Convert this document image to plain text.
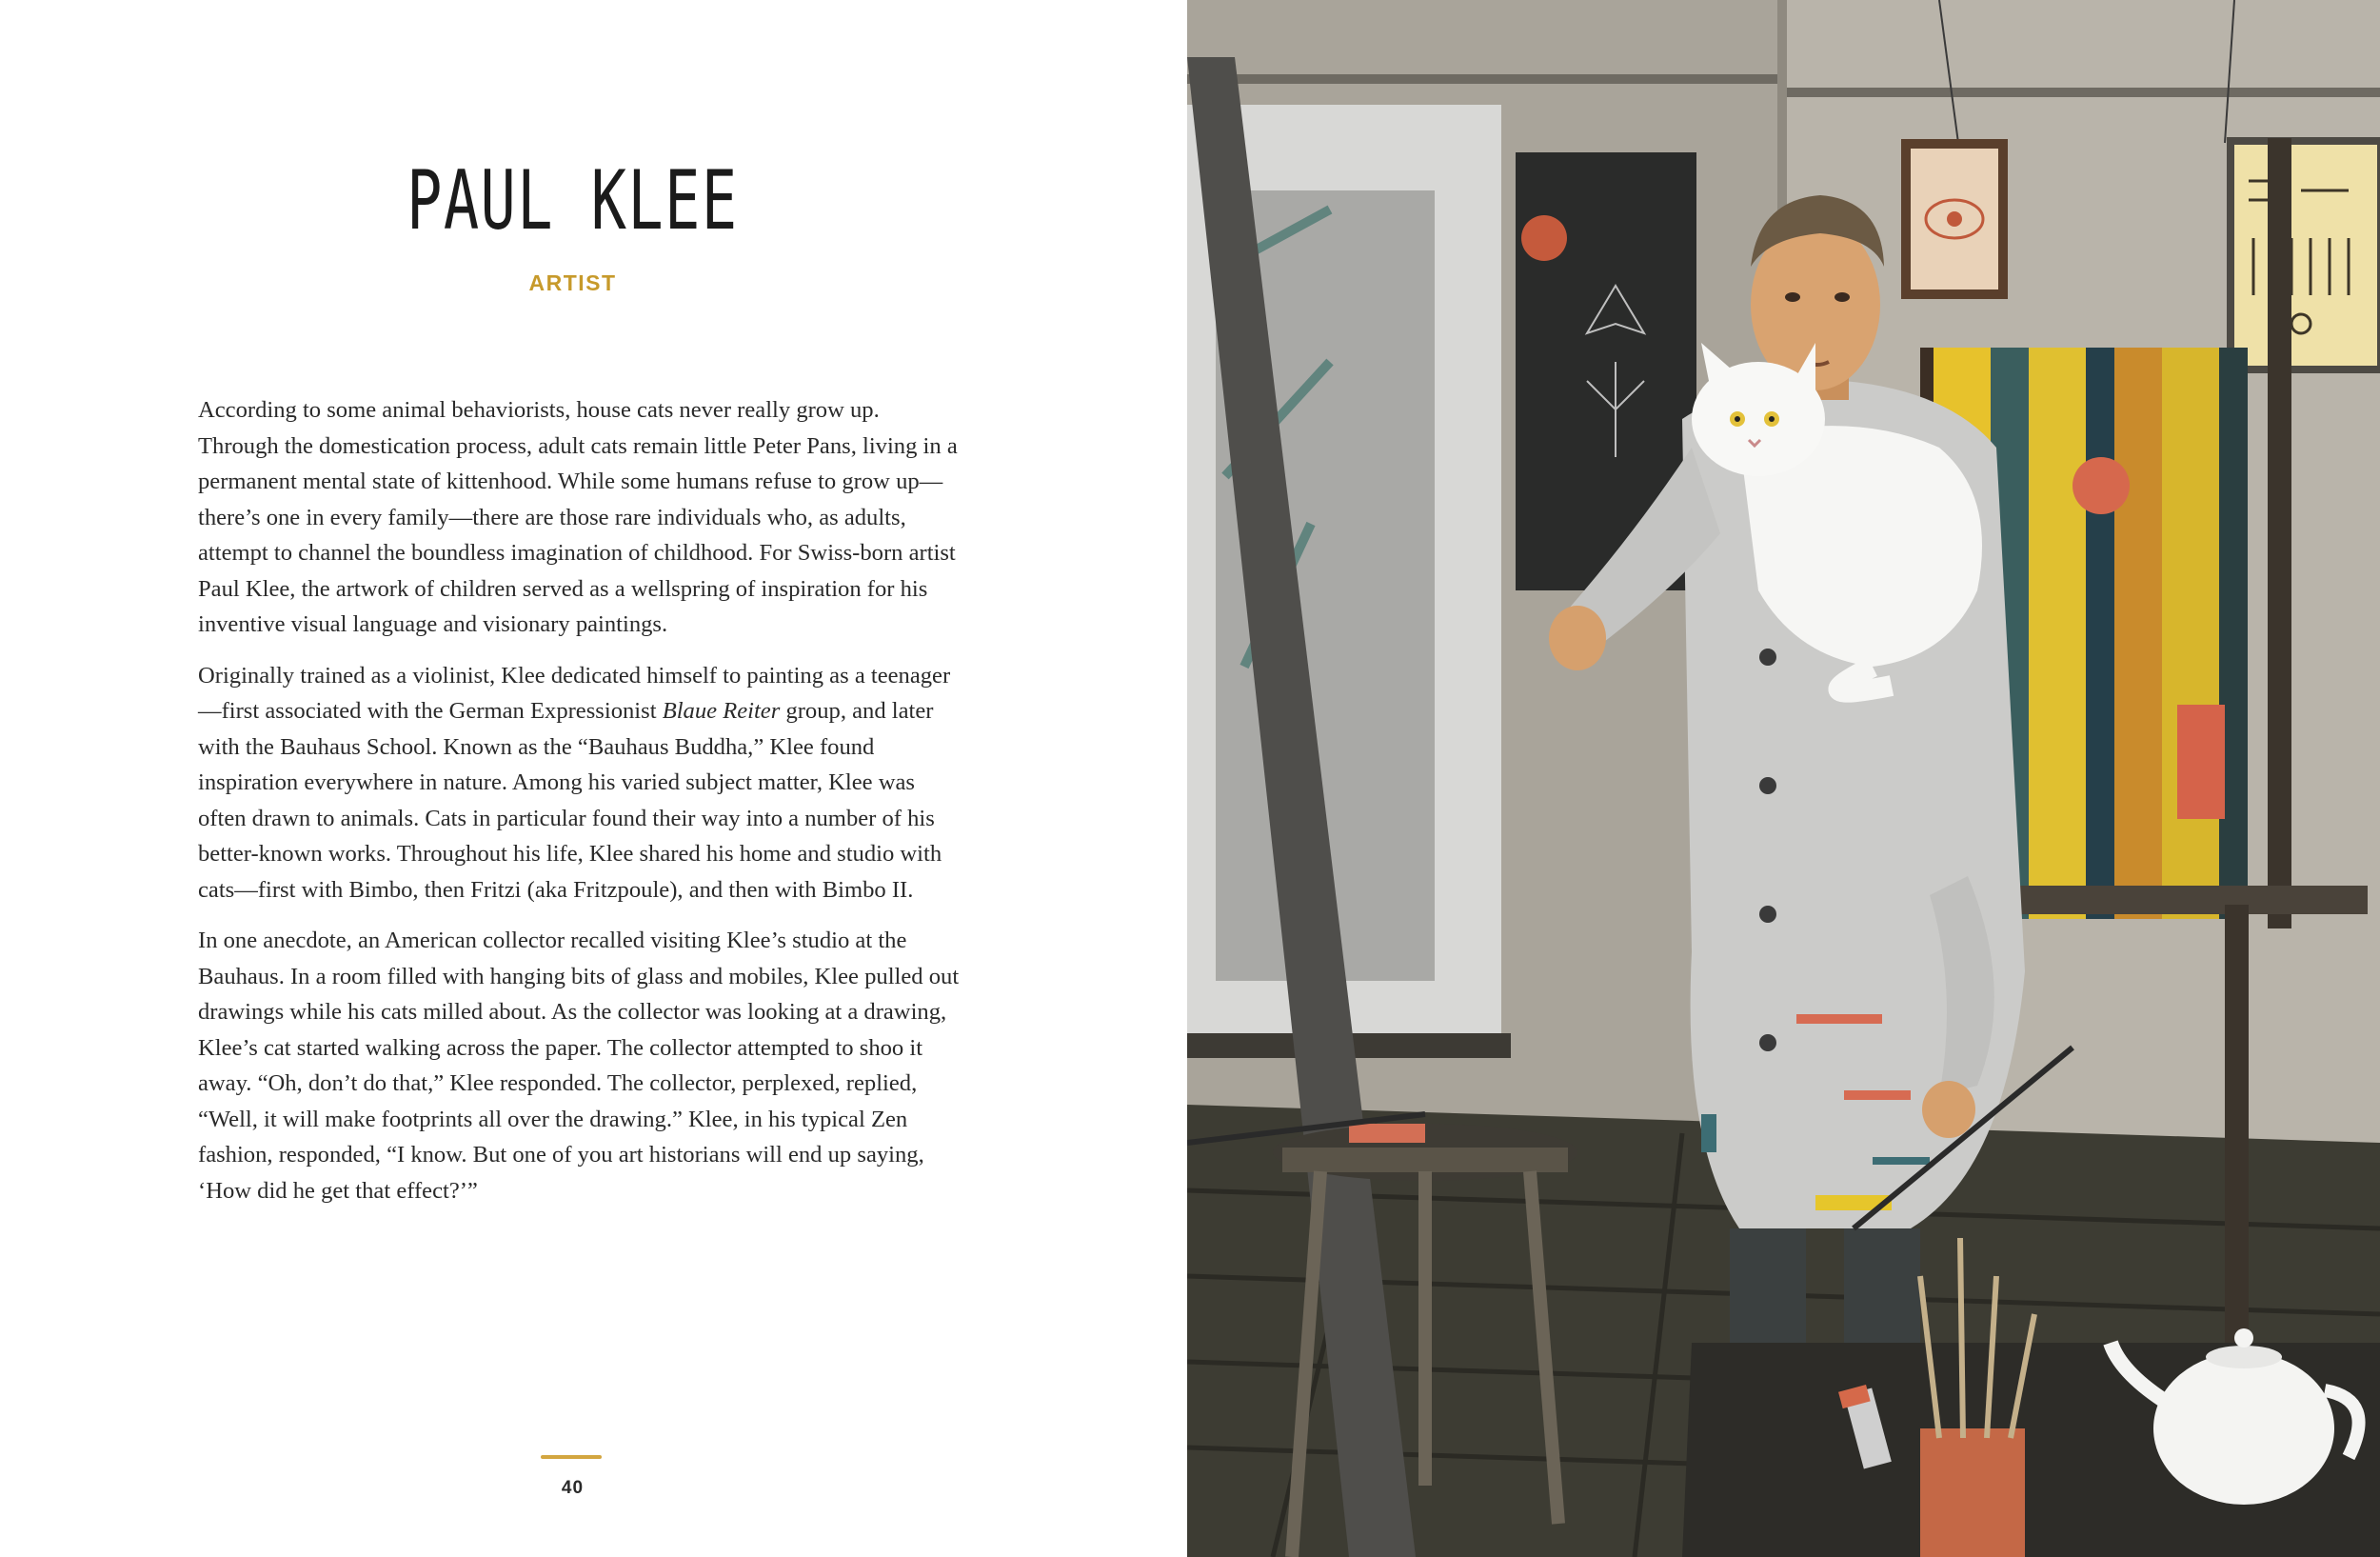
PAUL KLEE
ARTIST

According to some animal behaviorists, house cats never really grow up. Through the domestication process, adult cats remain little Peter Pans, living in a permanent mental state of kittenhood. While some humans refuse to grow up—there’s one in every family—there are those rare individuals who, as adults, attempt to channel the boundless imagination of childhood. For Swiss-born artist Paul Klee, the artwork of children served as a wellspring of inspiration for his inventive visual language and visionary paintings.

Originally trained as a violinist, Klee dedicated himself to painting as a teenager—first associated with the German Expressionist Blaue Reiter group, and later with the Bauhaus School. Known as the “Bauhaus Buddha,” Klee found inspiration everywhere in nature. Among his varied subject matter, Klee was often drawn to animals. Cats in particular found their way into a number of his better-known works. Throughout his life, Klee shared his home and studio with cats—first with Bimbo, then Fritzi (aka Fritzpoule), and then with Bimbo II.

In one anecdote, an American collector recalled visiting Klee’s studio at the Bauhaus. In a room filled with hanging bits of glass and mobiles, Klee pulled out drawings while his cats milled about. As the collector was looking at a drawing, Klee’s cat started walking across the paper. The collector attempted to shoo it away. “Oh, don’t do that,” Klee responded. The collector, perplexed, replied, “Well, it will make footprints all over the drawing.” Klee, in his typical Zen fashion, responded, “I know. But one of you art historians will end up saying, ‘How did he get that effect?’”

40
